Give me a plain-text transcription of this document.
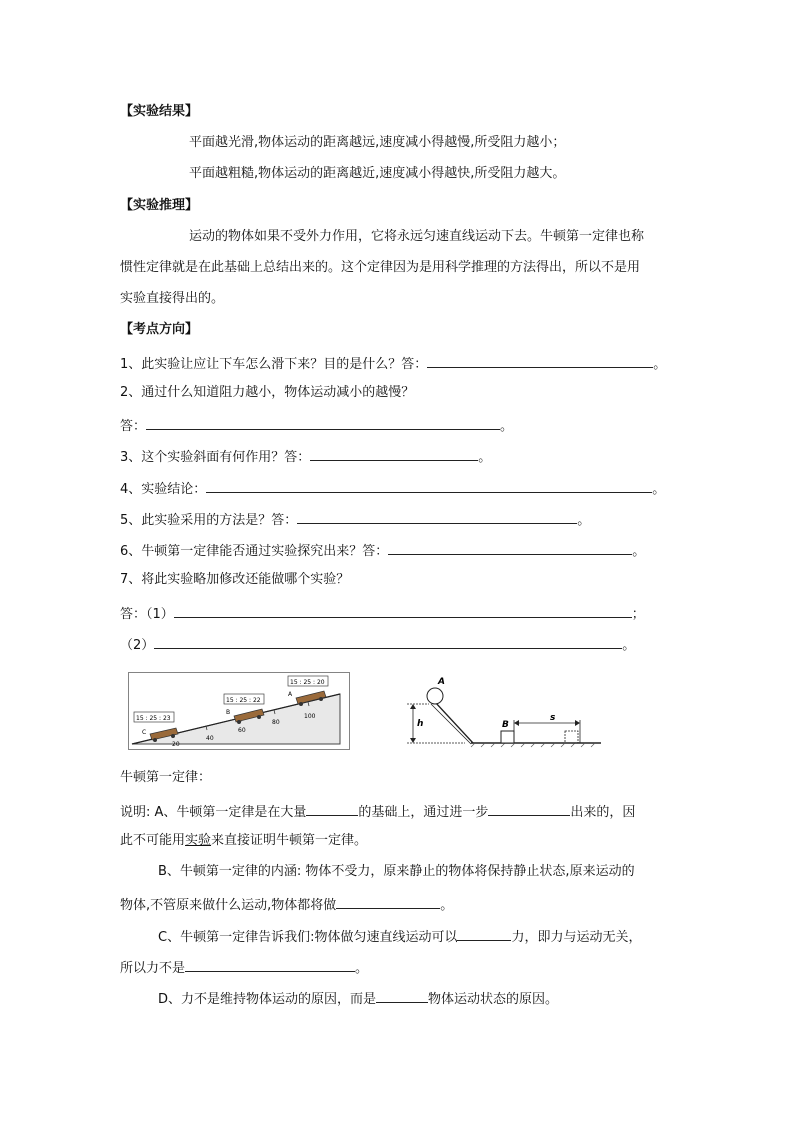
【实验结果】
平面越光滑,物体运动的距离越远,速度减小得越慢,所受阻力越小；
平面越粗糙,物体运动的距离越近,速度减小得越快,所受阻力越大。
【实验推理】
运动的物体如果不受外力作用，它将永远匀速直线运动下去。牛顿第一定律也称
惯性定律就是在此基础上总结出来的。这个定律因为是用科学推理的方法得出，所以不是用
实验直接得出的。
【考点方向】
1、此实验让应让下车怎么滑下来？目的是什么？答：	。
2、通过什么知道阻力越小，物体运动减小的越慢？
答：	。
3、这个实验斜面有何作用？答：	。
4、实验结论：	。
5、此实验采用的方法是？答：	。
6、牛顿第一定律能否通过实验探究出来？答：	。
7、将此实验略加修改还能做哪个实验？
答：（1）	；
（2）	。
20
40
60
80
100
15 : 25 : 23
15 : 25 : 22
15 : 25 : 20
C
B
A
A
h	B
s
牛顿第一定律：
说明: A、牛顿第一定律是在大量	的基础上，通过进一步	出来的，因
此不可能用实验来直接证明牛顿第一定律。
B、牛顿第一定律的内涵: 物体不受力，原来静止的物体将保持静止状态,原来运动的
物体,不管原来做什么运动,物体都将做	。
C、牛顿第一定律告诉我们:物体做匀速直线运动可以	力，即力与运动无关，
所以力不是	。
D、力不是维持物体运动的原因，而是	物体运动状态的原因。
